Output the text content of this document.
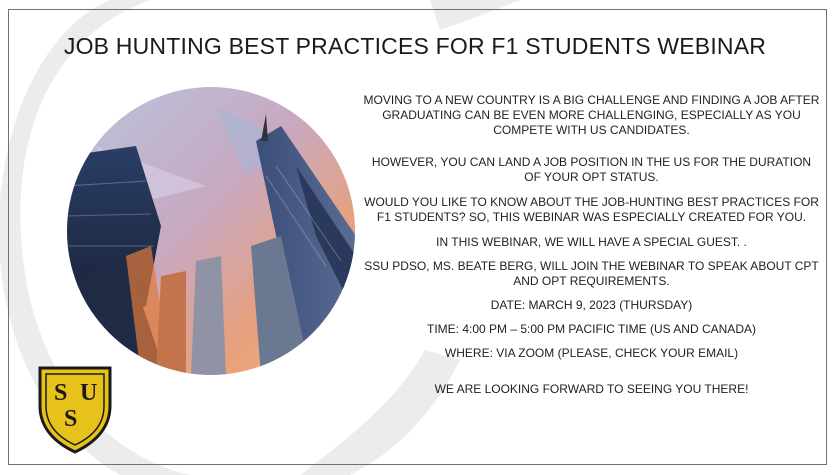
JOB HUNTING BEST PRACTICES FOR F1 STUDENTS WEBINAR
S
S
U

MOVING TO A NEW COUNTRY IS A BIG CHALLENGE AND FINDING A JOB AFTER GRADUATING CAN BE EVEN MORE CHALLENGING, ESPECIALLY AS YOU COMPETE WITH US CANDIDATES.

HOWEVER, YOU CAN LAND A JOB POSITION IN THE US FOR THE DURATION OF YOUR OPT STATUS.

WOULD YOU LIKE TO KNOW ABOUT THE JOB-HUNTING BEST PRACTICES FOR F1 STUDENTS? SO, THIS WEBINAR WAS ESPECIALLY CREATED FOR YOU.

IN THIS WEBINAR, WE WILL HAVE A SPECIAL GUEST. .

SSU PDSO, MS. BEATE BERG, WILL JOIN THE WEBINAR TO SPEAK ABOUT CPT AND OPT REQUIREMENTS.

DATE: MARCH 9, 2023 (THURSDAY)

TIME: 4:00 PM – 5:00 PM PACIFIC TIME (US AND CANADA)

WHERE: VIA ZOOM (PLEASE, CHECK YOUR EMAIL)

WE ARE LOOKING FORWARD TO SEEING YOU THERE!
